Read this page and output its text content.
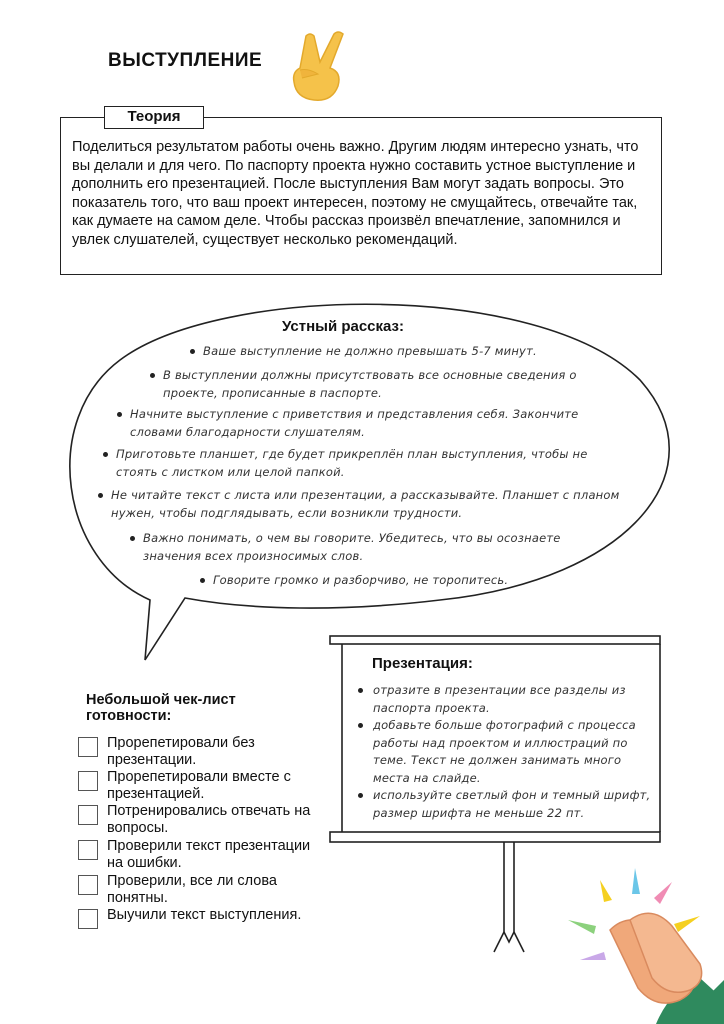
ВЫСТУПЛЕНИЕ
Теория
Поделиться результатом работы очень важно. Другим людям интересно узнать, что вы делали и для чего. По паспорту проекта нужно составить устное выступление и дополнить его презентацией. После выступления Вам могут задать вопросы. Это показатель того, что ваш проект интересен, поэтому не смущайтесь, отвечайте так, как думаете на самом деле. Чтобы рассказ произвёл впечатление, запомнился и увлек слушателей, существует несколько рекомендаций.
Устный рассказ:
Ваше выступление не должно превышать 5-7 минут.
В выступлении должны присутствовать все основные сведения о проекте, прописанные в паспорте.
Начните выступление с приветствия и представления себя. Закончите словами благодарности слушателям.
Приготовьте планшет, где будет прикреплён план выступления, чтобы не стоять с листком или целой папкой.
Не читайте текст с листа или презентации, а рассказывайте. Планшет с планом нужен, чтобы подглядывать, если возникли трудности.
Важно понимать, о чем вы говорите. Убедитесь, что вы осознаете значения всех произносимых слов.
Говорите громко и разборчиво, не торопитесь.
Презентация:
отразите в презентации все разделы из паспорта проекта.
добавьте больше фотографий с процесса работы над проектом и иллюстраций по теме. Текст не должен занимать много места на слайде.
используйте светлый фон и темный шрифт, размер шрифта не меньше 22 пт.
Небольшой чек-лист готовности:
Прорепетировали без презентации.
Прорепетировали вместе с презентацией.
Потренировались отвечать на вопросы.
Проверили текст презентации на ошибки.
Проверили, все ли слова понятны.
Выучили текст выступления.
